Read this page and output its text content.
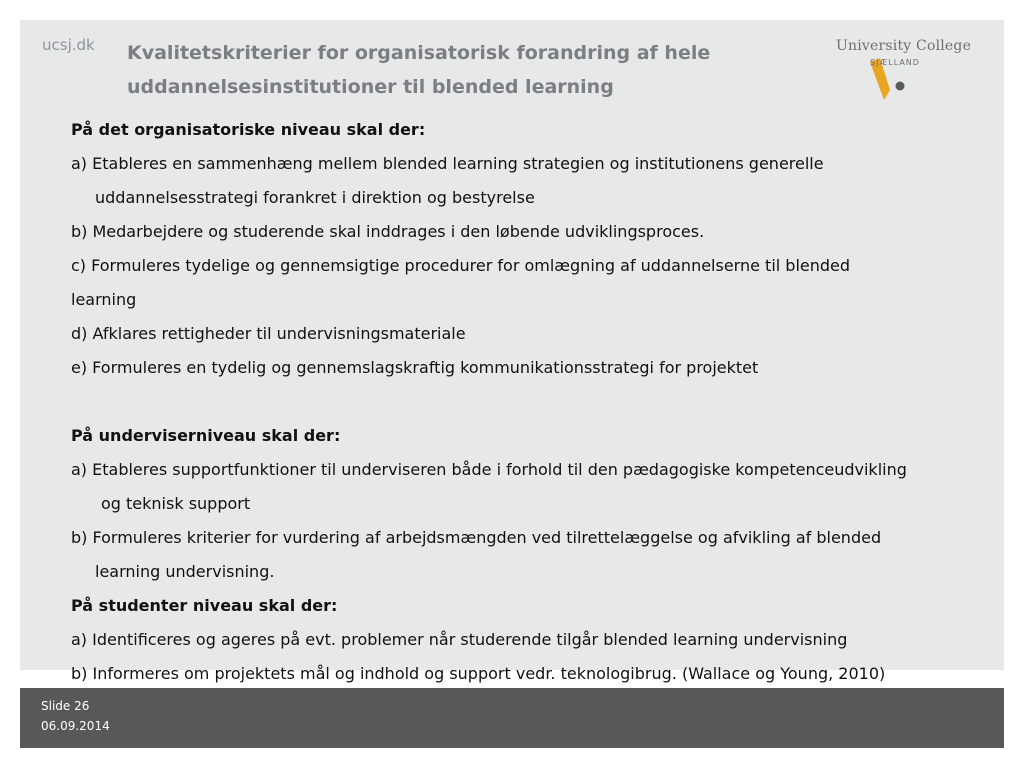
ucsj.dk Kvalitetskriterier for organisatorisk forandring af hele uddannelsesinstitutioner til blended learning
University College
SJÆLLAND

På det organisatoriske niveau skal der:

a) Etableres en sammenhæng mellem blended learning strategien og institutionens generelle

uddannelsesstrategi forankret i direktion og bestyrelse

b) Medarbejdere og studerende skal inddrages i den løbende udviklingsproces.

c) Formuleres tydelige og gennemsigtige procedurer for omlægning af uddannelserne til blended

learning

d) Afklares rettigheder til undervisningsmateriale

e) Formuleres en tydelig og gennemslagskraftig kommunikationsstrategi for projektet

På underviserniveau skal der:

a) Etableres supportfunktioner til underviseren både i forhold til den pædagogiske kompetenceudvikling

og teknisk support

b) Formuleres kriterier for vurdering af arbejdsmængden ved tilrettelæggelse og afvikling af blended

learning undervisning.

På studenter niveau skal der:

a) Identificeres og ageres på evt. problemer når studerende tilgår blended learning undervisning

b) Informeres om projektets mål og indhold og support vedr. teknologibrug. (Wallace og Young, 2010)

Slide 26
06.09.2014
